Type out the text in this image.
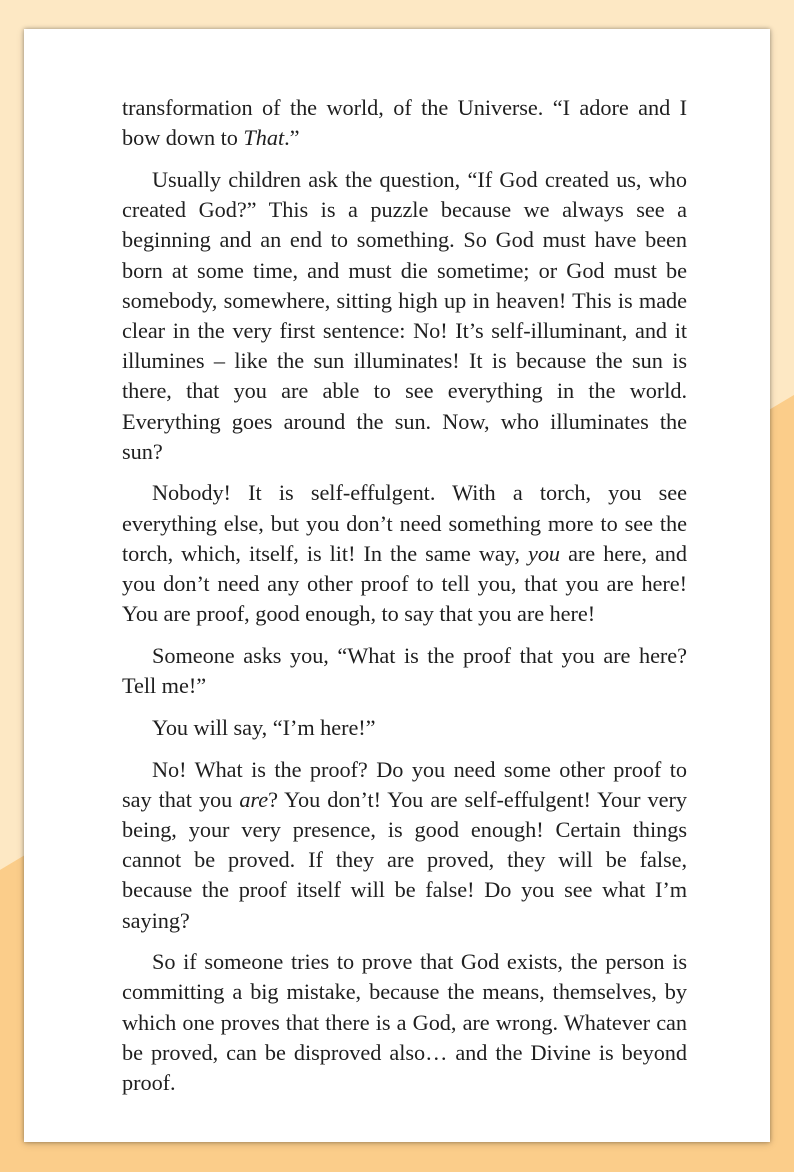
transformation of the world, of the Universe. “I adore and I bow down to That.”

Usually children ask the question, “If God created us, who created God?” This is a puzzle because we always see a beginning and an end to something. So God must have been born at some time, and must die sometime; or God must be somebody, somewhere, sitting high up in heaven! This is made clear in the very first sentence: No! It’s self-illuminant, and it illumines – like the sun illuminates! It is because the sun is there, that you are able to see everything in the world. Everything goes around the sun. Now, who illuminates the sun?

Nobody! It is self-effulgent. With a torch, you see everything else, but you don’t need something more to see the torch, which, itself, is lit! In the same way, you are here, and you don’t need any other proof to tell you, that you are here! You are proof, good enough, to say that you are here!

Someone asks you, “What is the proof that you are here? Tell me!”

You will say, “I’m here!”

No! What is the proof? Do you need some other proof to say that you are? You don’t! You are self-effulgent! Your very being, your very presence, is good enough! Certain things cannot be proved. If they are proved, they will be false, because the proof itself will be false! Do you see what I’m saying?

So if someone tries to prove that God exists, the person is committing a big mistake, because the means, themselves, by which one proves that there is a God, are wrong. Whatever can be proved, can be disproved also… and the Divine is beyond proof.
